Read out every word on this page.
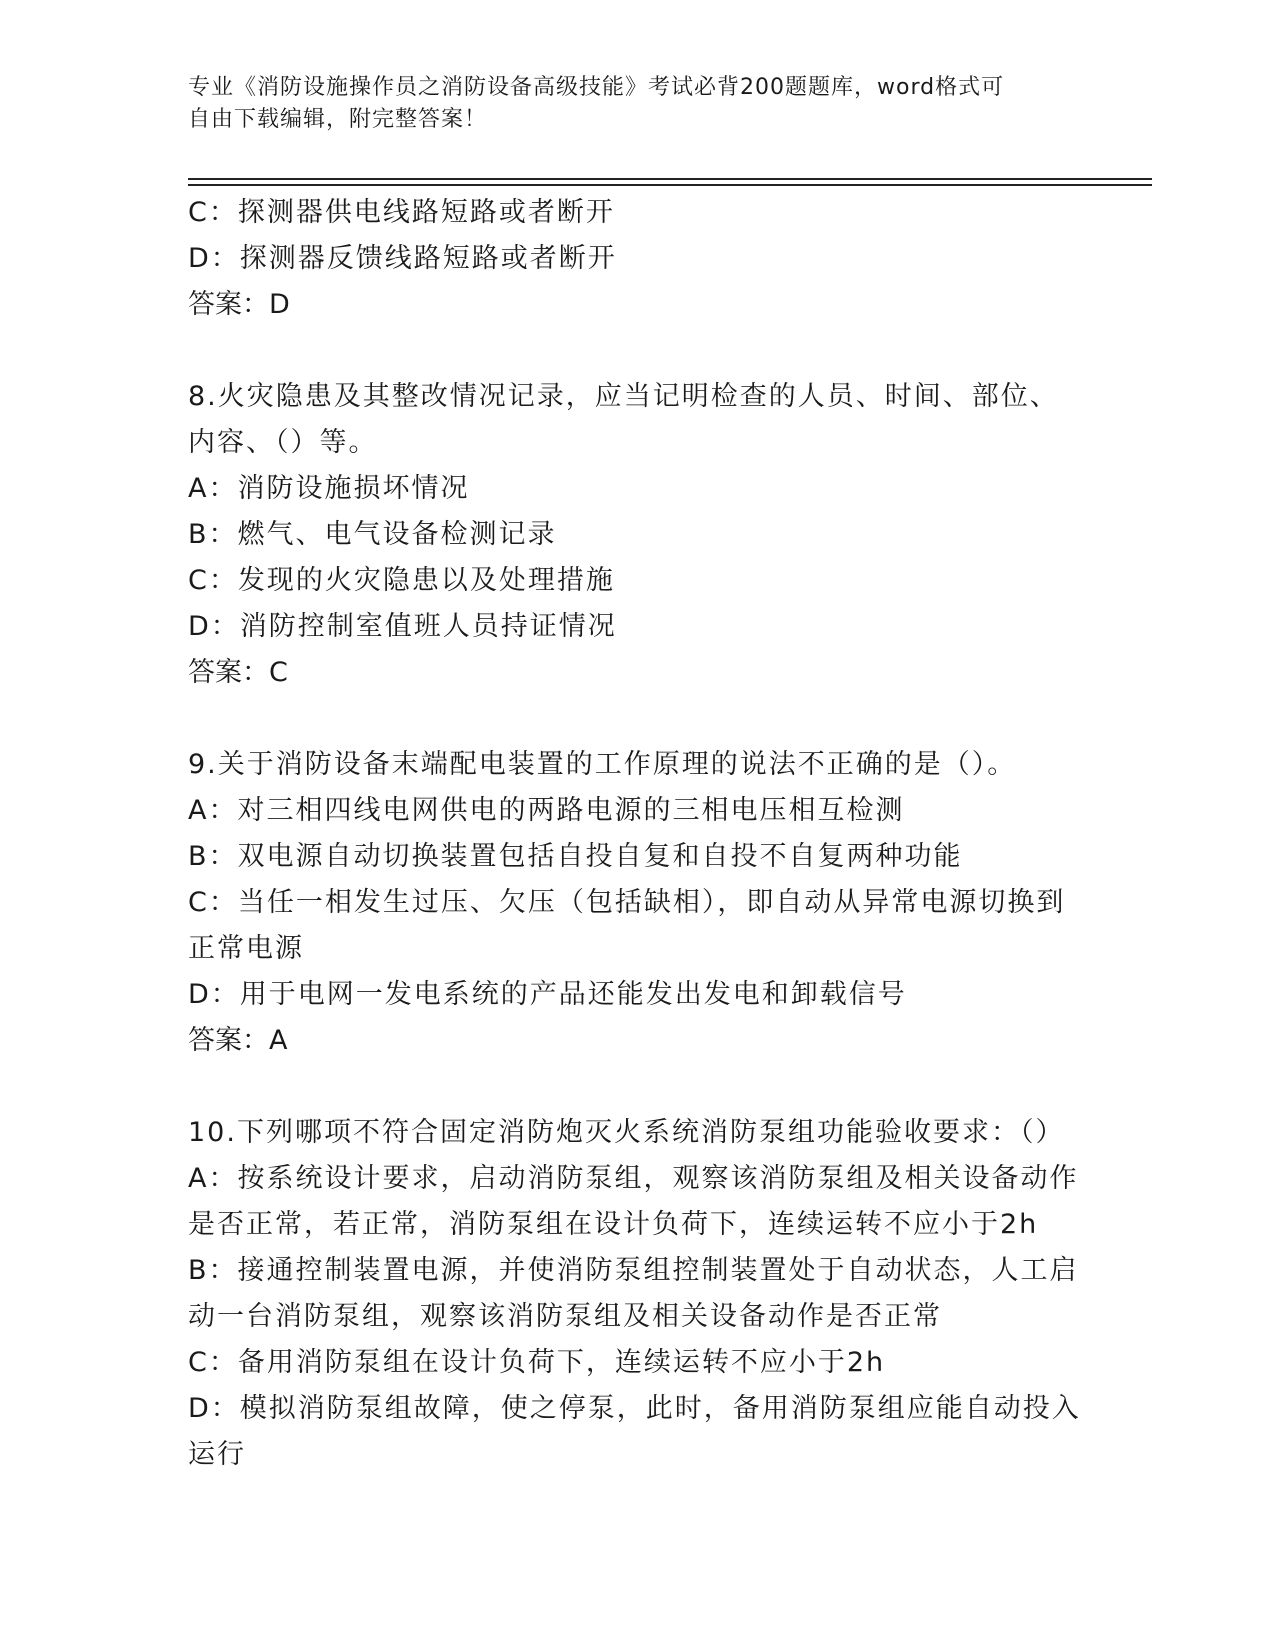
专业《消防设施操作员之消防设备高级技能》考试必背200题题库，word格式可
自由下载编辑，附完整答案！
C：探测器供电线路短路或者断开
D：探测器反馈线路短路或者断开
答案：D
8.火灾隐患及其整改情况记录，应当记明检查的人员、时间、部位、
内容、（）等。
A：消防设施损坏情况
B：燃气、电气设备检测记录
C：发现的火灾隐患以及处理措施
D：消防控制室值班人员持证情况
答案：C
9.关于消防设备末端配电装置的工作原理的说法不正确的是（）。
A：对三相四线电网供电的两路电源的三相电压相互检测
B：双电源自动切换装置包括自投自复和自投不自复两种功能
C：当任一相发生过压、欠压（包括缺相），即自动从异常电源切换到
正常电源
D：用于电网一发电系统的产品还能发出发电和卸载信号
答案：A
10.下列哪项不符合固定消防炮灭火系统消防泵组功能验收要求：（）
A：按系统设计要求，启动消防泵组，观察该消防泵组及相关设备动作
是否正常，若正常，消防泵组在设计负荷下，连续运转不应小于2h
B：接通控制装置电源，并使消防泵组控制装置处于自动状态，人工启
动一台消防泵组，观察该消防泵组及相关设备动作是否正常
C：备用消防泵组在设计负荷下，连续运转不应小于2h
D：模拟消防泵组故障，使之停泵，此时，备用消防泵组应能自动投入
运行
